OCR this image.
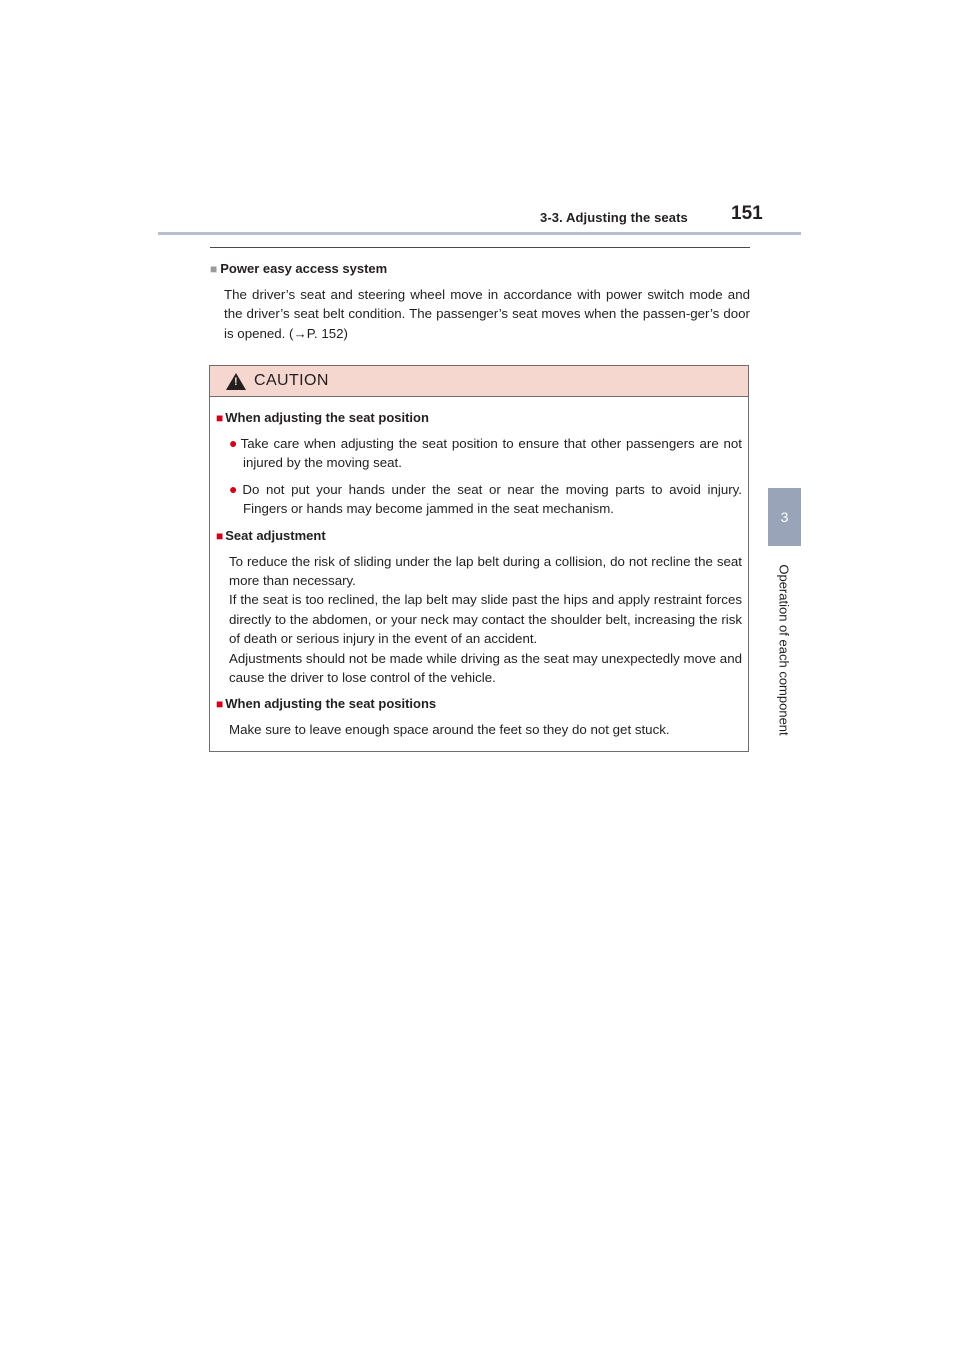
3-3. Adjusting the seats 151
3
Operation of each component
■ Power easy access system
The driver’s seat and steering wheel move in accordance with power switch mode and the driver’s seat belt condition. The passenger’s seat moves when the passen-ger’s door is opened. (→P. 152)
! CAUTION
■ When adjusting the seat position
● Take care when adjusting the seat position to ensure that other passengers are not injured by the moving seat.
● Do not put your hands under the seat or near the moving parts to avoid injury. Fingers or hands may become jammed in the seat mechanism.
■ Seat adjustment
To reduce the risk of sliding under the lap belt during a collision, do not recline the seat more than necessary.
If the seat is too reclined, the lap belt may slide past the hips and apply restraint forces directly to the abdomen, or your neck may contact the shoulder belt, increasing the risk of death or serious injury in the event of an accident.
Adjustments should not be made while driving as the seat may unexpectedly move and cause the driver to lose control of the vehicle.
■ When adjusting the seat positions
Make sure to leave enough space around the feet so they do not get stuck.
